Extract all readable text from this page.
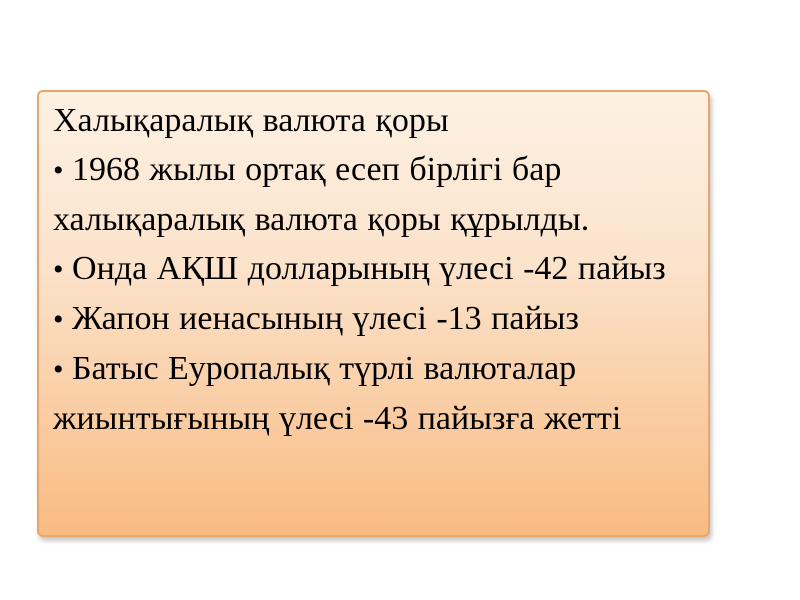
Халықаралық валюта қоры

• 1968 жылы ортақ есеп бірлігі бар халықаралық валюта қоры құрылды.

• Онда АҚШ долларының үлесі -42 пайыз

• Жапон иенасының үлесі -13 пайыз

• Батыс Еуропалық түрлі валюталар жиынтығының үлесі -43 пайызға жетті
